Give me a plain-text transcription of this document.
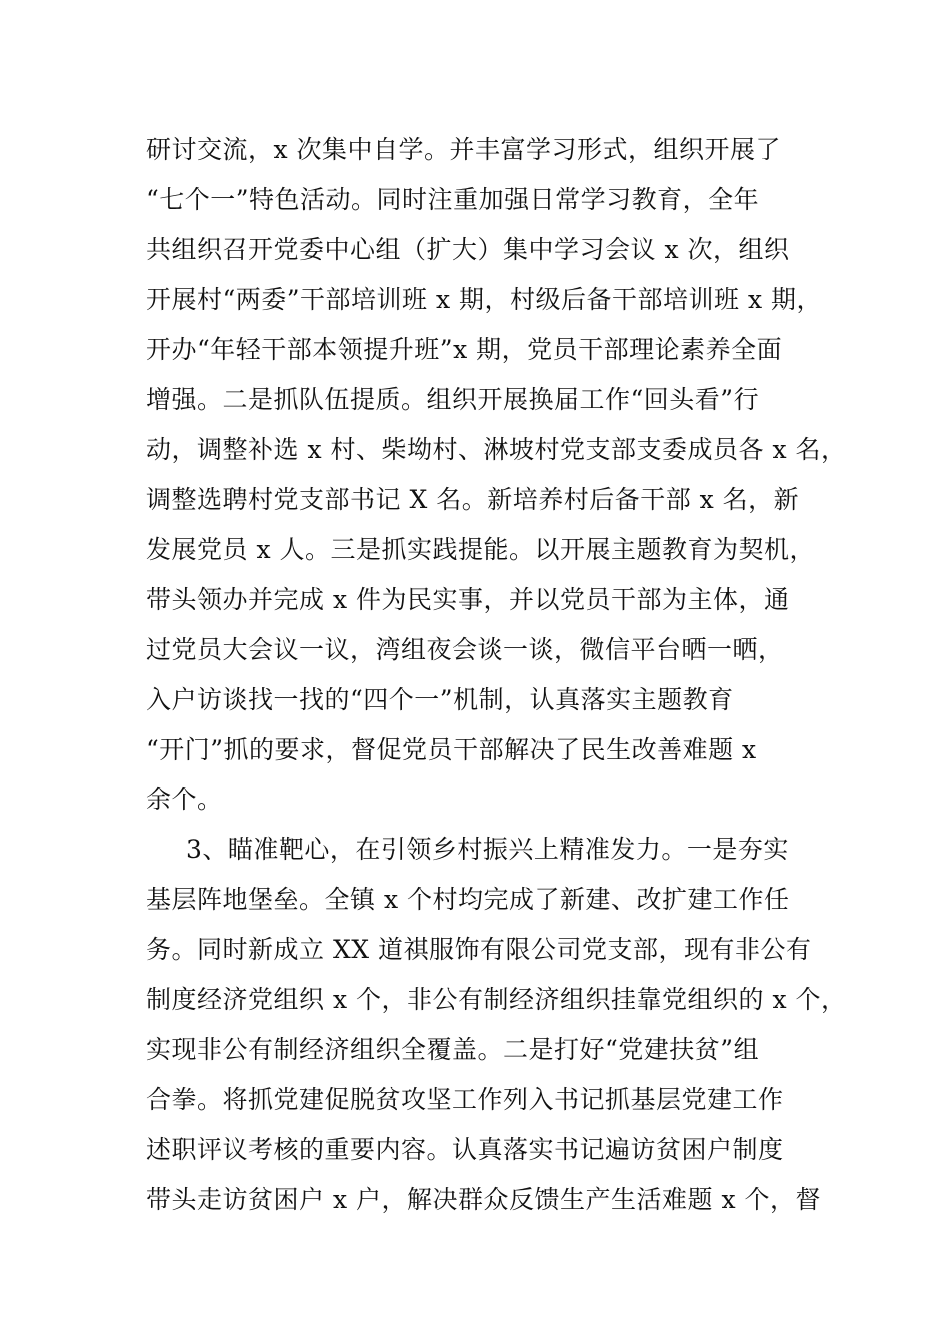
研讨交流，x 次集中自学。并丰富学习形式，组织开展了
“七个一”特色活动。同时注重加强日常学习教育，全年
共组织召开党委中心组（扩大）集中学习会议 x 次，组织
开展村“两委”干部培训班 x 期，村级后备干部培训班 x 期，
开办“年轻干部本领提升班”x 期，党员干部理论素养全面
增强。二是抓队伍提质。组织开展换届工作“回头看”行
动，调整补选 x 村、柴坳村、淋坡村党支部支委成员各 x 名，
调整选聘村党支部书记 X 名。新培养村后备干部 x 名，新
发展党员 x 人。三是抓实践提能。以开展主题教育为契机，
带头领办并完成 x 件为民实事，并以党员干部为主体，通
过党员大会议一议，湾组夜会谈一谈，微信平台晒一晒，
入户访谈找一找的“四个一”机制，认真落实主题教育
“开门”抓的要求，督促党员干部解决了民生改善难题 x
余个。
3、瞄准靶心，在引领乡村振兴上精准发力。一是夯实
基层阵地堡垒。全镇 x 个村均完成了新建、改扩建工作任
务。同时新成立 XX 道祺服饰有限公司党支部，现有非公有
制度经济党组织 x 个，非公有制经济组织挂靠党组织的 x 个，
实现非公有制经济组织全覆盖。二是打好“党建扶贫”组
合拳。将抓党建促脱贫攻坚工作列入书记抓基层党建工作
述职评议考核的重要内容。认真落实书记遍访贫困户制度
带头走访贫困户 x 户，解决群众反馈生产生活难题 x 个，督
